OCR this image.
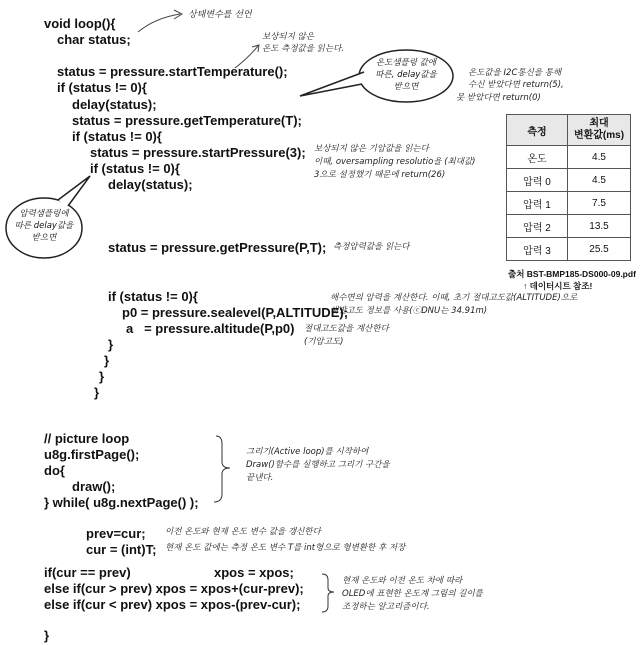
void loop(){
char status;
status = pressure.startTemperature();
if (status != 0){
delay(status);
status = pressure.getTemperature(T);
if (status != 0){
status = pressure.startPressure(3);
if (status != 0){
delay(status);
status = pressure.getPressure(P,T);
if (status != 0){
p0 = pressure.sealevel(P,ALTITUDE);
a   = pressure.altitude(P,p0)
}
}
}
}
// picture loop
u8g.firstPage();
do{
draw();
} while( u8g.nextPage() );
prev=cur;
cur = (int)T;
if(cur == prev)	xpos = xpos;
else if(cur > prev) xpos = xpos+(cur-prev);
else if(cur < prev) xpos = xpos-(prev-cur);
}
상태변수를 선언
보상되지 않은
온도 측정값을 읽는다.
온도값을 I2C통신을 통해
수신 받았다면 return(5),
못 받았다면 return(0)
보상되지 않은 기압값을 읽는다
이때, oversampling resolutio을 (최대값)
3으로 설정했기 때문에 return(26)
측정압력값을 읽는다
해수면의 압력을 계산한다. 이때, 초기 절대고도값(ALTITUDE)으로
해발고도 정보를 사용(ⓒDNU는 34.91m)
절대고도값을 계산한다
(기압고도)
그리기(Active loop)를 시작하여
Draw()함수를 실행하고 그리기 구간을
끝낸다.
이전 온도와 현재 온도 변수 값을 갱신한다
현재 온도 값에는 측정 온도 변수 T를 int형으로 형변환한 후 저장
현재 온도와 이전 온도 차에 따라
OLED에 표현한 온도계 그림의 길이를
조정하는 알고리즘이다.
온도샘플링 값에
따른, delay값을
받으면
압력샘플링에
따른 delay값을
받으면
측정	최대
변환값(ms)
온도	4.5
압력 0	4.5
압력 1	7.5
압력 2	13.5
압력 3	25.5
출처 BST-BMP185-DS000-09.pdf
↑ 데이터시트 참조!
